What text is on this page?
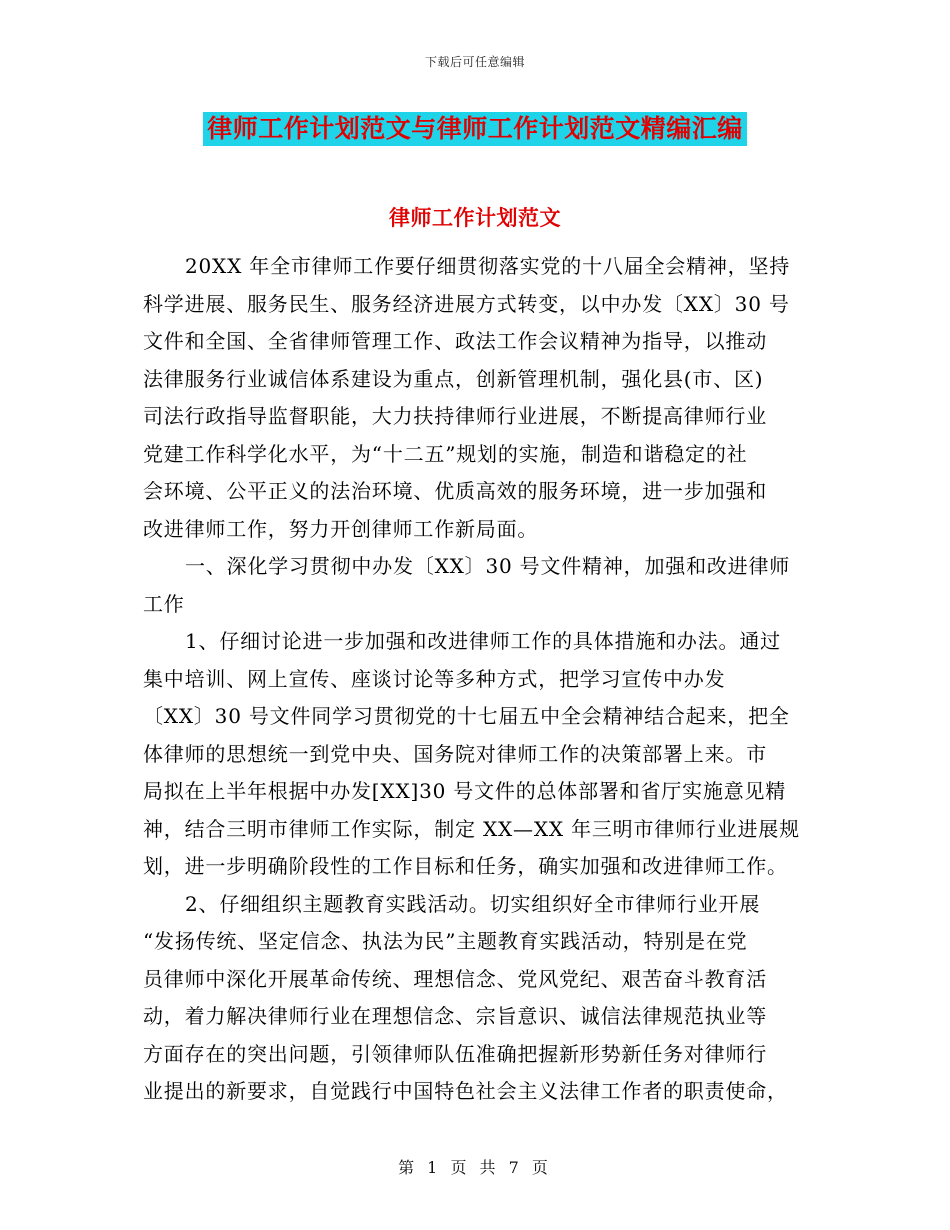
下载后可任意编辑
律师工作计划范文与律师工作计划范文精编汇编
律师工作计划范文
20XX 年全市律师工作要仔细贯彻落实党的十八届全会精神，坚持
科学进展、服务民生、服务经济进展方式转变，以中办发〔XX〕30 号
文件和全国、全省律师管理工作、政法工作会议精神为指导，以推动
法律服务行业诚信体系建设为重点，创新管理机制，强化县(市、区)
司法行政指导监督职能，大力扶持律师行业进展，不断提高律师行业
党建工作科学化水平，为“十二五”规划的实施，制造和谐稳定的社
会环境、公平正义的法治环境、优质高效的服务环境，进一步加强和
改进律师工作，努力开创律师工作新局面。
一、深化学习贯彻中办发〔XX〕30 号文件精神，加强和改进律师
工作
1、仔细讨论进一步加强和改进律师工作的具体措施和办法。通过
集中培训、网上宣传、座谈讨论等多种方式，把学习宣传中办发
〔XX〕30 号文件同学习贯彻党的十七届五中全会精神结合起来，把全
体律师的思想统一到党中央、国务院对律师工作的决策部署上来。市
局拟在上半年根据中办发[XX]30 号文件的总体部署和省厅实施意见精
神，结合三明市律师工作实际，制定 XX—XX 年三明市律师行业进展规
划，进一步明确阶段性的工作目标和任务，确实加强和改进律师工作。
2、仔细组织主题教育实践活动。切实组织好全市律师行业开展
“发扬传统、坚定信念、执法为民”主题教育实践活动，特别是在党
员律师中深化开展革命传统、理想信念、党风党纪、艰苦奋斗教育活
动，着力解决律师行业在理想信念、宗旨意识、诚信法律规范执业等
方面存在的突出问题，引领律师队伍准确把握新形势新任务对律师行
业提出的新要求，自觉践行中国特色社会主义法律工作者的职责使命，
第 1 页 共 7 页
